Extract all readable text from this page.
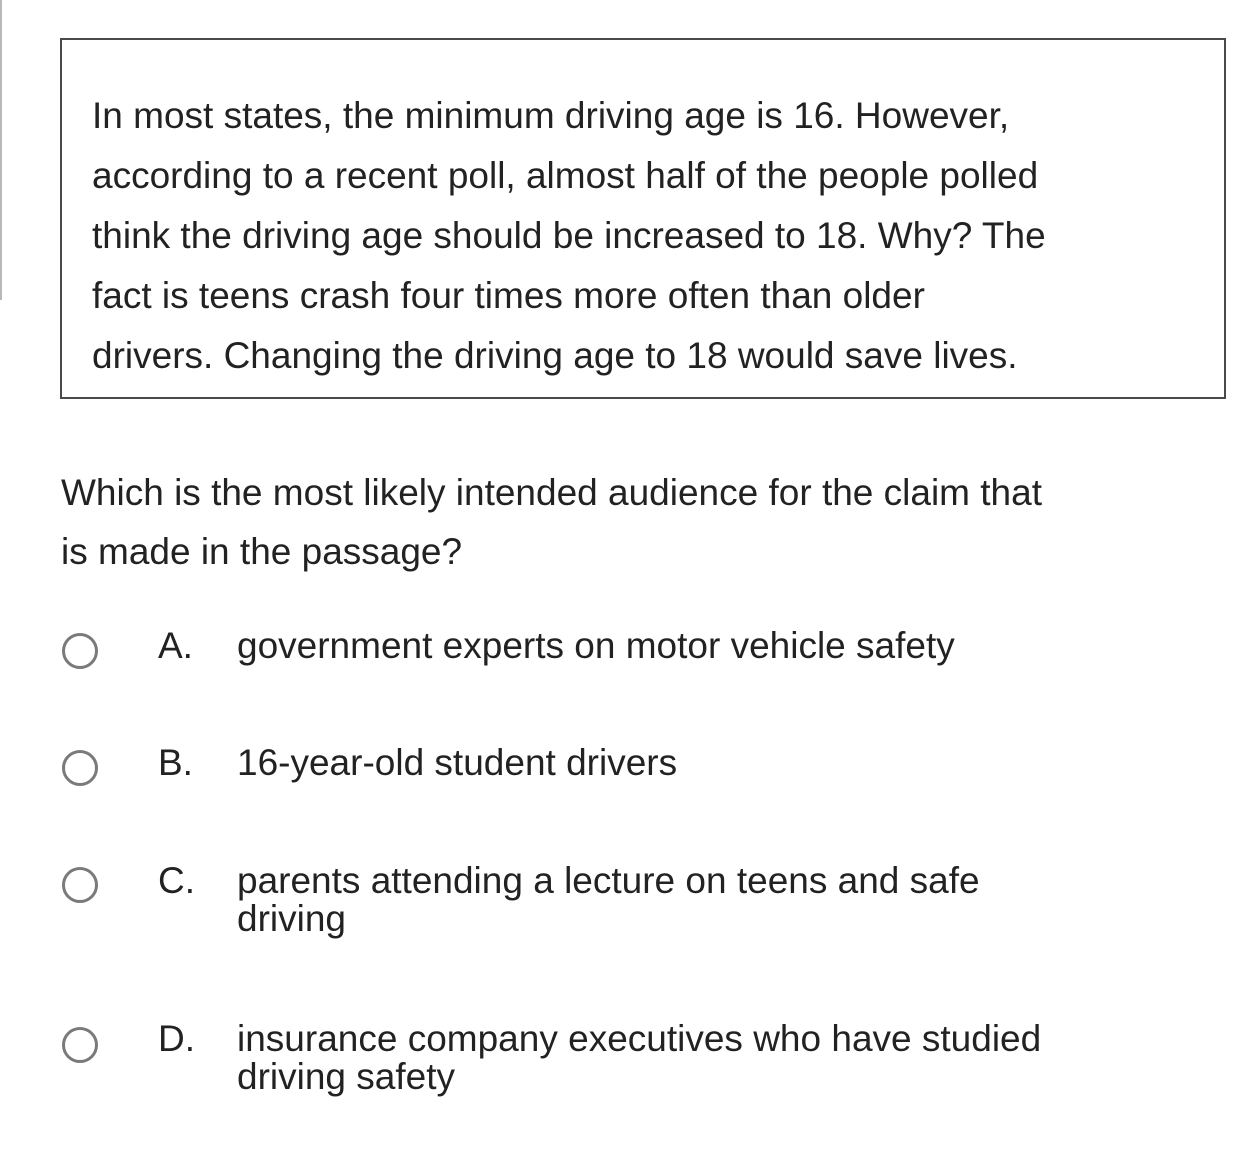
In most states, the minimum driving age is 16. However,
according to a recent poll, almost half of the people polled
think the driving age should be increased to 18. Why? The
fact is teens crash four times more often than older
drivers. Changing the driving age to 18 would save lives.
Which is the most likely intended audience for the claim that
is made in the passage?
A. government experts on motor vehicle safety
B. 16-year-old student drivers
C. parents attending a lecture on teens and safe
driving
D. insurance company executives who have studied
driving safety
